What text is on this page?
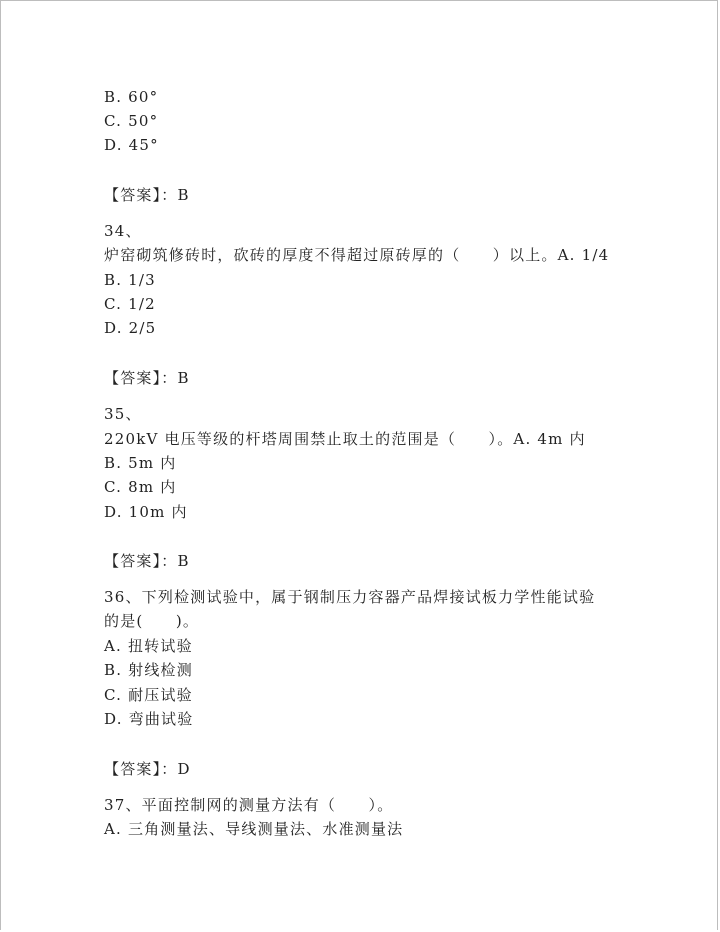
B. 60°
C. 50°
D. 45°
【答案】：B
34、
炉窑砌筑修砖时，砍砖的厚度不得超过原砖厚的（　　）以上。A. 1/4
B. 1/3
C. 1/2
D. 2/5
【答案】：B
35、
220kV 电压等级的杆塔周围禁止取土的范围是（　　）。A. 4m 内
B. 5m 内
C. 8m 内
D. 10m 内
【答案】：B
36、下列检测试验中，属于钢制压力容器产品焊接试板力学性能试验
的是(　　)。
A. 扭转试验
B. 射线检测
C. 耐压试验
D. 弯曲试验
【答案】：D
37、平面控制网的测量方法有（　　）。
A. 三角测量法、导线测量法、水准测量法
